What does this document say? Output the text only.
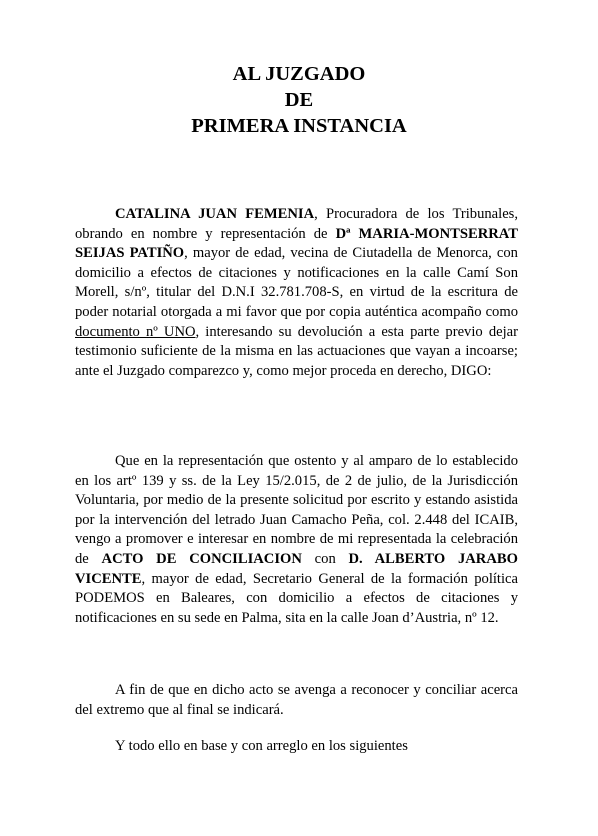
AL JUZGADO
DE
PRIMERA INSTANCIA

CATALINA JUAN FEMENIA, Procuradora de los Tribunales, obrando en nombre y representación de Dª MARIA-MONTSERRAT SEIJAS PATIÑO, mayor de edad, vecina de Ciutadella de Menorca, con domicilio a efectos de citaciones y notificaciones en la calle Camí Son Morell, s/nº, titular del D.N.I 32.781.708-S, en virtud de la escritura de poder notarial otorgada a mi favor que por copia auténtica acompaño como documento nº UNO, interesando su devolución a esta parte previo dejar testimonio suficiente de la misma en las actuaciones que vayan a incoarse; ante el Juzgado comparezco y, como mejor proceda en derecho, DIGO:

Que en la representación que ostento y al amparo de lo establecido en los artº 139 y ss. de la Ley 15/2.015, de 2 de julio, de la Jurisdicción Voluntaria, por medio de la presente solicitud por escrito y estando asistida por la intervención del letrado Juan Camacho Peña, col. 2.448 del ICAIB, vengo a promover e interesar en nombre de mi representada la celebración de ACTO DE CONCILIACION con D. ALBERTO JARABO VICENTE, mayor de edad, Secretario General de la formación política PODEMOS en Baleares, con domicilio a efectos de citaciones y notificaciones en su sede en Palma, sita en la calle Joan d’Austria, nº 12.

A fin de que en dicho acto se avenga a reconocer y conciliar acerca del extremo que al final se indicará.

Y todo ello en base y con arreglo en los siguientes
